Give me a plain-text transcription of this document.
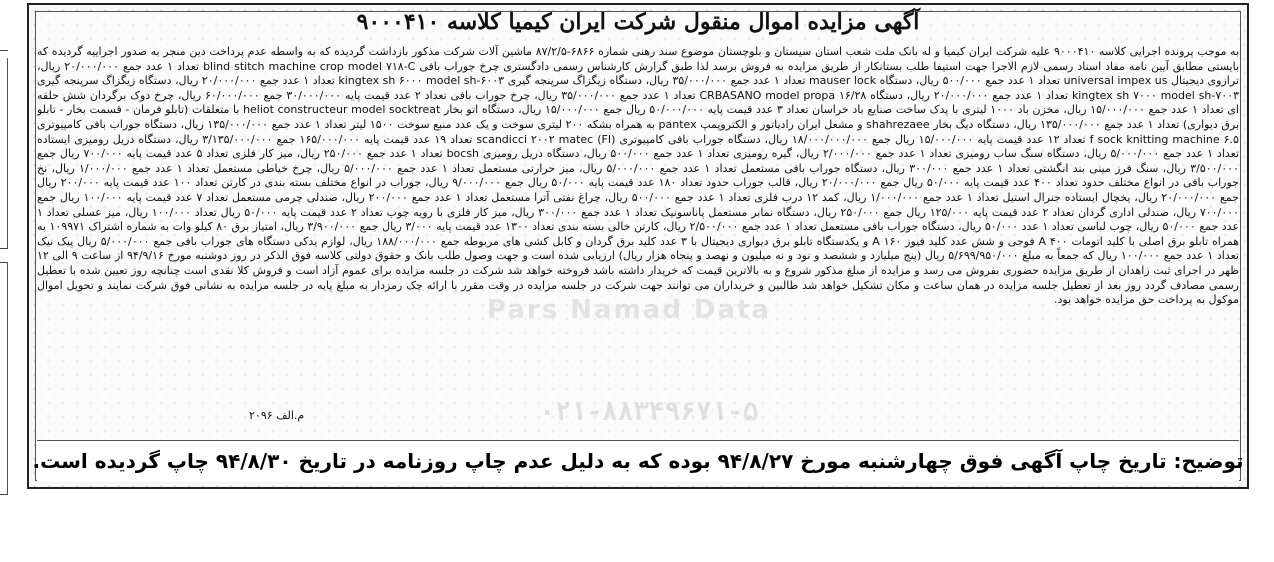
آگهی مزایده اموال منقول شرکت ایران کیمیا کلاسه ۹۰۰۰۴۱۰
به موجب پرونده اجرایی کلاسه ۹۰۰۰۴۱۰ علیه شرکت ایران کیمیا و له بانک ملت شعب استان سیستان و بلوچستان موضوع سند رهنی شماره ۶۸۶۶-۸۷/۲/۵ ماشین آلات شرکت مذکور بازداشت گردیده که به واسطه عدم پرداخت دین منجر به صدور اجراییه گردیده که بایستی مطابق آیین نامه مفاد اسناد رسمی لازم الاجرا جهت استیفا طلب بستانکار از طریق مزایده به فروش برسد لذا طبق گزارش کارشناس رسمی دادگستری چرخ جوراب بافی blind stitch machine crop model ۷۱۸-C تعداد ۱ عدد جمع ۲۰/۰۰۰/۰۰۰ ریال، ترازوی دیجیتال universal impex us تعداد ۱ عدد جمع ۵۰۰/۰۰۰ ریال، دستگاه mauser lock تعداد ۱ عدد جمع ۳۵/۰۰۰/۰۰۰ ریال، دستگاه زیگزاگ سرپنجه گیری kingtex sh ۶۰۰۰ model sh-۶۰۰۳ تعداد ۱ عدد جمع ۲۰/۰۰۰/۰۰۰ ریال، دستگاه زیگزاگ سرپنجه گیری kingtex sh ۷۰۰۰ model sh-۷۰۰۳ تعداد ۱ عدد جمع ۲۰/۰۰۰/۰۰۰ ریال، دستگاه ۱۶/۲۸ CRBASANO model propa تعداد ۱ عدد جمع ۳۵/۰۰۰/۰۰۰ ریال، چرخ جوراب بافی تعداد ۲ عدد قیمت پایه ۳۰/۰۰۰/۰۰۰ جمع ۶۰/۰۰۰/۰۰۰ ریال، چرخ دوک برگردان شش حلقه ای تعداد ۱ عدد جمع ۱۵/۰۰۰/۰۰۰ ریال، مخزن باد ۱۰۰۰ لیتری با پدک ساخت صنایع باد خراسان تعداد ۳ عدد قیمت پایه ۵۰/۰۰۰/۰۰۰ ریال جمع ۱۵/۰۰۰/۰۰۰ ریال، دستگاه اتو بخار heliot constructeur model socktreat با متعلقات (تابلو فرمان - قسمت بخار - تابلو برق دیواری) تعداد ۱ عدد جمع ۱۳۵/۰۰۰/۰۰۰ ریال، دستگاه دیگ بخار shahrezaee و مشعل ایران رادیاتور و الکتروپمپ pantex به همراه بشکه ۲۰۰ لیتری سوخت و یک عدد منبع سوخت ۱۵۰۰ لیتر تعداد ۱ عدد جمع ۱۳۵/۰۰۰/۰۰۰ ریال، دستگاه جوراب بافی کامپیوتری ۶.۵ f sock knitting machine تعداد ۱۲ عدد قیمت پایه ۱۵/۰۰۰/۰۰۰ ریال جمع ۱۸/۰۰۰/۰۰۰/۰۰۰ ریال، دستگاه جوراب بافی کامپیوتری (FI) scandicci ۲۰۰۲ matec تعداد ۱۹ عدد قیمت پایه ۱۶۵/۰۰۰/۰۰۰ جمع ۳/۱۳۵/۰۰۰/۰۰۰ ریال، دستگاه دریل رومیزی ایستاده تعداد ۱ عدد جمع ۵/۰۰۰/۰۰۰ ریال، دستگاه سنگ ساب رومیزی تعداد ۱ عدد جمع ۲/۰۰۰/۰۰۰ ریال، گیره رومیزی تعداد ۱ عدد جمع ۵۰۰/۰۰۰ ریال، دستگاه دریل رومیزی bocsh تعداد ۱ عدد جمع ۲۵۰/۰۰۰ ریال، میز کار فلزی تعداد ۵ عدد قیمت پایه ۷۰۰/۰۰۰ ریال جمع ۳/۵۰۰/۰۰۰ ریال، سنگ فرز مینی بند انگشتی تعداد ۱ عدد جمع ۳۰۰/۰۰۰ ریال، دستگاه جوراب بافی مستعمل تعداد ۱ عدد جمع ۵/۰۰۰/۰۰۰ ریال، میز حرارتی مستعمل تعداد ۱ عدد جمع ۵/۰۰۰/۰۰۰ ریال، چرخ خیاطی مستعمل تعداد ۱ عدد جمع ۱/۰۰۰/۰۰۰ ریال، نخ جوراب بافی در انواع مختلف حدود تعداد ۴۰۰ عدد قیمت پایه ۵۰/۰۰۰ ریال جمع ۲۰/۰۰۰/۰۰۰ ریال، قالب جوراب حدود تعداد ۱۸۰ عدد قیمت پایه ۵۰/۰۰۰ ریال جمع ۹/۰۰۰/۰۰۰ ریال، جوراب در انواع مختلف بسته بندی در کارتن تعداد ۱۰۰ عدد قیمت پایه ۲۰۰/۰۰۰ ریال جمع ۲۰/۰۰۰/۰۰۰ ریال، یخچال ایستاده جنرال استیل تعداد ۱ عدد جمع ۱/۰۰۰/۰۰۰ ریال، کمد ۱۲ درب فلزی تعداد ۱ عدد جمع ۵۰۰/۰۰۰ ریال، چراغ نفتی آترا مستعمل تعداد ۱ عدد جمع ۲۰۰/۰۰۰ ریال، صندلی چرمی مستعمل تعداد ۷ عدد قیمت پایه ۱۰۰/۰۰۰ ریال جمع ۷۰۰/۰۰۰ ریال، صندلی اداری گردان تعداد ۲ عدد قیمت پایه ۱۲۵/۰۰۰ ریال جمع ۲۵۰/۰۰۰ ریال، دستگاه نمابر مستعمل پاناسونیک تعداد ۱ عدد جمع ۳۰۰/۰۰۰ ریال، میز کار فلزی با رویه چوب تعداد ۲ عدد قیمت پایه ۵۰/۰۰۰ ریال تعداد ۱۰۰/۰۰۰ ریال، میز عسلی تعداد ۱ عدد جمع ۵۰/۰۰۰ ریال، چوب لباسی تعداد ۱ عدد ۵۰/۰۰۰ ریال، دستگاه جوراب بافی مستعمل تعداد ۱ عدد جمع ۲/۵۰۰/۰۰۰ ریال، کارتن خالی بسته بندی تعداد ۱۳۰۰ عدد قیمت پایه ۳/۰۰۰ ریال جمع ۳/۹۰۰/۰۰۰ ریال، امتیاز برق ۸۰ کیلو وات به شماره اشتراک ۱۰۹۹۷۱ به همراه تابلو برق اصلی با کلید اتومات A ۴۰۰ فوجی و شش عدد کلید فیوز A ۱۶۰ و یکدستگاه تابلو برق دیواری دیجیتال با ۳ عدد کلید برق گردان و کابل کشی های مربوطه جمع ۱۸۸/۰۰۰/۰۰۰ ریال، لوازم یدکی دستگاه های جوراب بافی جمع ۵/۰۰۰/۰۰۰ ریال پیک نیک تعداد ۱ عدد جمع ۱۰۰/۰۰۰ ریال که جمعاً به مبلغ ۵/۶۹۹/۹۵۰/۰۰۰ ریال (پنج میلیارد و ششصد و نود و نه میلیون و نهصد و پنجاه هزار ریال) ارزیابی شده است و جهت وصول طلب بانک و حقوق دولتی کلاسه فوق الذکر در روز دوشنبه مورخ ۹۴/۹/۱۶ از ساعت ۹ الی ۱۲ ظهر در اجرای ثبت زاهدان از طریق مزایده حضوری بفروش می رسد و مزایده از مبلغ مذکور شروع و به بالاترین قیمت که خریدار داشته باشد فروخته خواهد شد شرکت در جلسه مزایده برای عموم آزاد است و فروش کلا نقدی است چنانچه روز تعیین شده با تعطیل رسمی مصادف گردد روز بعد از تعطیل جلسه مزایده در همان ساعت و مکان تشکیل خواهد شد طالبین و خریداران می توانند جهت شرکت در جلسه مزایده در وقت مقرر با ارائه چک رمزدار به مبلغ پایه در جلسه مزایده به نشانی فوق شرکت نمایند و تحویل اموال موکول به پرداخت حق مزایده خواهد بود.
۰۲۱-۸۸۳۴۹۶۷۱-۵
م.الف ۲۰۹۶
توضیح: تاریخ چاپ آگهی فوق چهارشنبه مورخ ۹۴/۸/۲۷ بوده که به دلیل عدم چاپ روزنامه در تاریخ ۹۴/۸/۳۰ چاپ گردیده است.
